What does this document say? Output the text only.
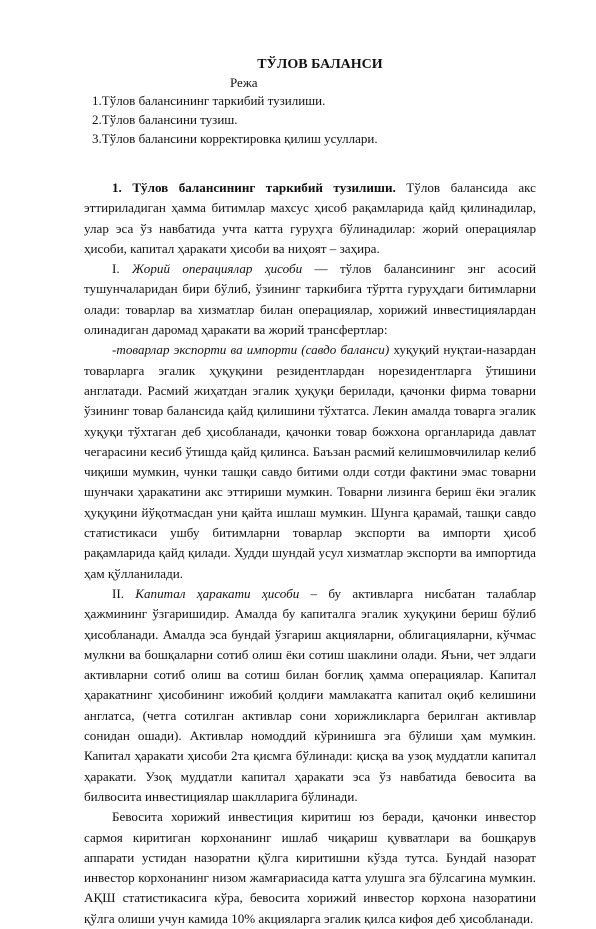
ТЎЛОВ БАЛАНСИ
Режа
1.Тўлов балансининг таркибий тузилиши.
2.Тўлов балансини тузиш.
3.Тўлов балансини корректировка қилиш усуллари.

1. Тўлов балансининг таркибий тузилиши. Тўлов балансида акс эттириладиган ҳамма битимлар махсус ҳисоб рақамларида қайд қилинадилар, улар эса ўз навбатида учта катта гуруҳга бўлинадилар: жорий операциялар ҳисоби, капитал ҳаракати ҳисоби ва ниҳоят – заҳира.

I. Жорий операциялар ҳисоби — тўлов балансининг энг асосий тушунчаларидан бири бўлиб, ўзининг таркибига тўртта гуруҳдаги битимларни олади: товарлар ва хизматлар билан операциялар, хорижий инвестициялардан олинадиган даромад ҳаракати ва жорий трансфертлар:

-товарлар экспорти ва импорти (савдо баланси) хуқуқий нуқтаи-назардан товарларга эгалик ҳуқуқини резидентлардан норезидентларга ўтишини англатади. Расмий жиҳатдан эгалик ҳуқуқи берилади, қачонки фирма товарни ўзининг товар балансида қайд қилишини тўхтатса. Лекин амалда товарга эгалик хуқуқи тўхтаган деб ҳисобланади, қачонки товар божхона органларида давлат чегарасини кесиб ўтишда қайд қилинса. Баъзан расмий келишмовчилилар келиб чиқиши мумкин, чунки ташқи савдо битими олди сотди фактини эмас товарни шунчаки ҳаракатини акс эттириши мумкин. Товарни лизинга бериш ёки эгалик ҳуқуқини йўқотмасдан уни қайта ишлаш мумкин. Шунга қарамай, ташқи савдо статистикаси ушбу битимларни товарлар экспорти ва импорти ҳисоб рақамларида қайд қилади. Худди шундай усул хизматлар экспорти ва импортида ҳам қўлланилади.

II. Капитал ҳаракати ҳисоби – бу активларга нисбатан талаблар ҳажмининг ўзгаришидир. Амалда бу капиталга эгалик хуқуқини бериш бўлиб ҳисобланади. Амалда эса бундай ўзгариш акцияларни, облигацияларни, кўчмас мулкни ва бошқаларни сотиб олиш ёки сотиш шаклини олади. Яъни, чет элдаги активларни сотиб олиш ва сотиш билан боғлиқ ҳамма операциялар. Капитал ҳаракатнинг ҳисобининг ижобий қолдиғи мамлакатга капитал оқиб келишини англатса, (четга сотилган активлар сони хорижликларга берилган активлар сонидан ошади). Активлар номоддий кўринишга эга бўлиши ҳам мумкин. Капитал ҳаракати ҳисоби 2та қисмга бўлинади: қисқа ва узоқ муддатли капитал ҳаракати. Узоқ муддатли капитал ҳаракати эса ўз навбатида бевосита ва билвосита инвестициялар шаклларига бўлинади.

Бевосита хорижий инвестиция киритиш юз беради, қачонки инвестор сармоя киритиган корхонанинг ишлаб чиқариш қувватлари ва бошқарув аппарати устидан назоратни қўлга киритишни кўзда тутса. Бундай назорат инвестор корхонанинг низом жамғариасида катта улушга эга бўлсагина мумкин. АҚШ статистикасига кўра, бевосита хорижий инвестор корхона назоратини қўлга олиши учун камида 10% акцияларга эгалик қилса кифоя деб ҳисобланади.
